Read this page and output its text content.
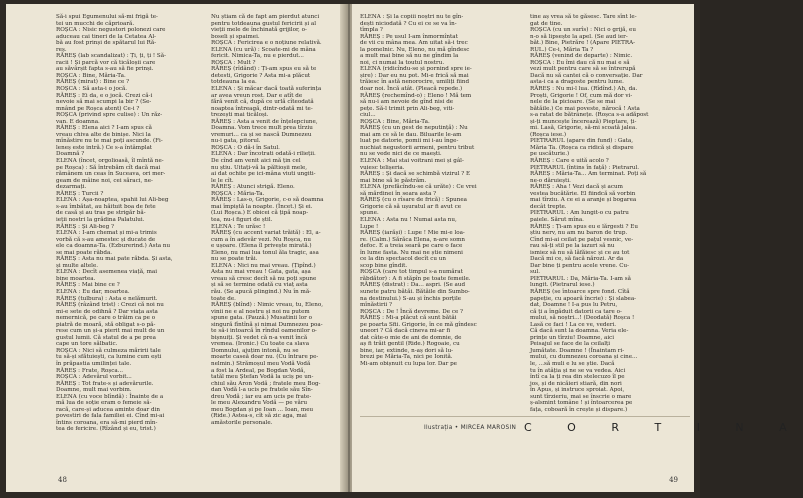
Să-i spui Egumenului să-mi frigă te-

tei un mucchi de căprioară.

ROȘCA : Nisic negustori polonezi care

aduceau cai tineri de la Cetatea Al-

bă au fost prinși de spătarul lui Ră-

reș.

RĂREȘ (lab scandalizat) : Ți, ți, ți ! Să-

racii ! Și parcă vor că ticăloșii care

au săvârșit fapta s-au să fie prinși.

ROȘCA : Bine, Măria-Ta.

RĂREȘ (mirat) : Bine ce ?

ROȘCA : Să asta-i o jocă.

RĂREȘ : Ei da, e o jocă. Crezi că-i

nevoie să mai scumpi la bir ? (Se-

mnând pe Roșca atent) Ce-i ?

ROȘCA (privind spre culise) : Un răz-

van. E doamna.

RĂREȘ : Elena aici ? I-am spus că

vreau chiva alte de binișe. Nici la

mînăstire nu te mai poți ascunde. (Fi-

leneș este intră.) Ce s-a întâmplat

Doamnă ?

ELENA (încet, orgolioasă, îl mîntă ne-

pe Roșca) : Să întrebăm cît dacă mai

rămânem un ceas în Suceava, ori mer-

geam de mâine noi, cei săraci, ne-

dezarmați.

RĂREȘ : Turcii ?

ELENA : Așa-noaptea, spahii lui Ali-beg

s-au îmbătat, au hăituit boa de fete

de casă și au tras pe strigăr bă-

ieții nostri la grădina Palatului.

RĂREȘ : Și Ali-beg ?

ELENA : I-am chemat și mi-a trimis

vorbă că s-au amestec și ducate de

ele ca doamna-Ta. (Ezburerind.) Asta nu

se mai poate răbda.

RĂREȘ : Asta nu mai pate răbda. Și asta,

și multe altele.

ELENA : Decît asemenea viață, mai

bine moartea.

RĂREȘ : Mai bine ce ?

ELENA : Eu dar, moartea.

RĂREȘ (tulbura) : Asta e nelămurit.

RĂREȘ (râzând trist) : Crezi că noi nu

mi-e sete de odihnă ? Dar viața asta

nemernică, pe care o trăim ca pe o

piatră de moară, stă obligat s-o pă-

rese cum un și-a pierit mai mult de un

gustul lumii. Că statul de a pe prea

cape un tore sălbatic.

ROȘCA : Nici să culmeza măririi tale

tu să-și sfătuiești, ca lumine cum ești

în prăpastia umilinței tale.

RĂREȘ : Frate, Roșca...

ROȘCA : Adevărul vorbit...

RĂREȘ : Tot frate-s și adevărurile.

Doamne, mult mai vorbim.

ELENA (cu voce blîndă) : Înainte de a

mă lua de soție eram o femeie să-

racă, care-și aducea aminte doar din

povestiri de fala familiei ei. Cînd mi-ai

întins coroana, era să-mi pierd mîn-

tea de fericire. (Rîzând și eu, trist.)

Nu știam că de fapt am pierdut atunci

pentru totdeauna gustul fericirii și al

vieții mele de închinată grijilor, o-

boseli și spaimei.

ROȘCA : Fericirea e o noțiune relativă.

ELENA (cu ură) : Scoate-mi de mâna

fericit. Nimica-Ta, nu e pierdut...

ROȘCA : Mult ?

RĂREȘ (rîdând) : Ți-am spus eu să te

detesti, Grigorie ? Asta mi-a plăcut

totdeauna la ea.

ELENA : Și măcar dacă toată suferința

ar avea vreun rost. Dar e atît de

fără venit că, după ce urlă cîteodată

noaptea întreagă, dintr-odată mi te-

trezești mai ticăloși.

RĂREȘ : Asta a venit de înțelepciune,

Doamna. Vom trece mult prea tîrziu

vremuri... ca și se nască Dumnezeu

nu-i gata, pitorul.

ROȘCA : O dă-i în Satul.

ELENA : Dar încotrati odată-i rilieții.

De cînd am venit aici mă țin cel

nu știu. Uitați-vă la păltioșii mele,

ai dat ochite pe ici-mâna viuti ungiti-

le le cît.

RĂREȘ : Atunci strigă. Eleno.

ROȘCA : Măria-Ta.

RĂREȘ : Las-o, Grigorie, c-o să doamna

mai împiștă la noapte. (Încet.) Și ei.

(Lui Roșca.) E obicei că țipă noap-

tea, nu-i figuri de știl.

ELENA : Te urăsc !

RĂREȘ (cu accent variat trăită) : El, a-

cum a în adevăr vezi. Nu Roșca, nu

e ușoare. (Elena îl privește mirată.)

Eleno, nu mai lua tonul ăla tragic, asa

nu se poate trăi.

ELENA : Nici nu mai vreau. (Țipînd.)

Asta nu mai vreau ! Gata, gata, așa

vreau să cresc decît să nu poți spune

și să se termine odată cu viaț asta

rău. (Se apucă plingind.) Nu în mă-

toate de.

RĂREȘ (blînd) : Nimic vreau, tu, Eleno,

vinii ne e al nostru și noi nu putem

spune gata. (Pauză.) Musatinii lor o

singură fîntînă și nimai Dumnezeu poa-

te să-i intoarcă în rîndul oamenilor o-

bișnuiți. Și vedet că n-a venit încă

vremea. (Ironic.) Cu toate ca slava

Domnului, ajuțim intonă, nu se

moarte caseă doar nu. (Cu întrare pe-

nelmin.) Strămoșul meu Vodă Vodă

a fost la Ardeal, pe Bogdan Vodă,

tatăl meu Ștefan Vodă la uciș pe un-

chiul său Aron Vodă ; fratele meu Bog-

dan Vodă l-a ucis pe fratele său Sîn-

dreu Vodă ; iar eu am ucis pe frate-

le meu Alexandru Vodă — pe văru

meu Bogdan și pe Ioan ... Ioan, meu

(Ride.) Astea-s, cît să zic aga, mai

amăstorile personale.

48

ELENA : Și la copiii noștri nu te gîn-

dești niciodată ? Cu ei ce se va în-

tîmpla ?

RĂREȘ : Pe usul I-am înmormîntat

de vii cu mâna mea. Am uitat să-i trec

la pomelnic. Nu, Eleno, nu mă gîndesc

a mult mai bine să nu ne gîndim la

noi, ci numai la toutul nostru.

ELENA (ridicîndu-se și pornind spre ie-

șire) : Dar eu nu pot. Mi-e frică să mai

trăiesc în astă nenorocire, umiliți fiind

doar noi. Încă atât. (Pleacă repede.)

RĂREȘ (rechemînd-o) : Eleno ! Mă tem

să nu-i am nevoie de gînd nisi de

pețe. Să-l trimit prin Ali-beg, viti-

ciul...

ROȘCA : Bine, Măria-Ta.

RĂREȘ (cu un gest de neputință) : Nu

mai am ce să le dau. Biluarile le-am

luat pe datorie, pomii mi i-au înge-

nuchiat negustorii armeni, pentru tribut

nu se vede nici de ce maești.

ELENA : Mai stai voitrani mei și gâl-

vuiesc telișeria.

RĂREȘ : Și dacă se schimbă vizirul ? E

mai bine să le păstrăm.

ELENA (prefăcîndu-se că urăte) : Ce vrei

să mărdinei în seara asta ?

RĂREȘ (cu o rîsare de frică) : Spunea

Grigorie că să ușuratul ar fi avut ce

spune.

ELENA : Asta nu ! Numai asta nu,

Lupe !

RĂREȘ (iarăși) : Lupe ! Mie mi-e loa-

re. (Calm.) Sărăca Elena, n-are somn

defoc. E a treia seară pe care o face

în lume fasta. Nu mai ne știe nimeni

ce la din spectacol decît cu un

scop bine gîndit.

ROȘCA (care tot timpul s-a numărat

răbdător) : A fi stăpîn pe toate femeile.

RĂREȘ (distrat) : Da... aspri. (Se aud

sunete patru bătăi. Bătăile din Sumbo-

na destinului.) S-au și închis porțile

mînăstirii ?

ROȘCA : De ! Încă devreme. De ce ?

RĂREȘ : Mi-a plăcut că sunt bătăi

pe poarta Sfii. Grigorie, în ce mă gîndesc

uneori ? Că dacă cineva mi-ar fi

dat câte-o mie de ani de domnie, de

aș fi trăit gentil (Ride.) Rogoaie, cu

bine, iar, extinde, n-aș dori să lu-

brezi pe Măria-Ta, nici pe Ionită.

Mi-am obișnuit cu lupa lor. Dar pe

tine aș vrea să te găsesc. Tare sînt le-

gat de tine.

ROȘCA (cu un surîs) : Nici o grijă, eu

n-o să lipsește la apel. (Se aud ier-

băt.) Bine, Pietrăre ! (Apare PIETRA-

RUL.) Ce-i, Măria Ta ?

RĂREȘ (venind de departe) : Nimic.

ROȘCA : Eu îmi dau că nu mai e să

vezi mult pentru care să se întrerupă

Dacă nu să cantei că o conversație. Dar

asta-i ca a dragoste pentru lume.

RĂREȘ : Nu mi-l lua. (Rîdînd.) Ah, da.

Proști, Grigorie ! Of, cum mă dor vi-

nele de la picioare. (Se se mai

bătăile.) Ce mai poveste, nărocă ! Asta

s-a ratat de bătrânețe. (Roșca s-a adăpost

și-ți muncește încerează) Pieptare, ți-

mi. Lasă, Grigorie, să-mi scoată jalea.

(Roșca iese.)

PIETRARUL (apare din fund) : Gata,

Măria Ta. (Roșca ca ridică și dispare

pe uscăturie.)

RĂREȘ : Care e uită acolo ?

PIETRARUL (întins în față) : Pietrarul.

RĂREȘ : Măria-Ta... Am terminat. Poți să

ne-o dăruiești.

RĂREȘ : Aha ! Vezi dacă și acum

vestea bucătărie. El fiindcă să vorbin

mai tîrziu. A ce ei a aranje și bogarea

decât trepte.

PIETRARUL : Am lungit-o cu patru

paiele. Sărut mîna.

RĂREȘ : Ți-am spus eu e lărgesti ? Eu

știu nerv, nu am nu baron de trup.

Cînd mi-ai ceilat pe pațul vesnic, ve-

rau să-ți stil pe la iazuri să nu

ismiez să nu să lăfăiesc și ce au tot

Dacă mi ce, să facă nărozi. Ar da

Dar bine ți pentru acele vrene. Cu-

sul.

PIETRARUL : Da, Măria-Ta. I-am să

lungit. (Pietrarul iese.)

RĂREȘ (se întoarce spre fond. Cîtă

papeție, cu apoară încrie) : Și slabea-

dat, Doamne ! I-a pus lu Petru,

că ți a îngăduit datorii ca tare o-

mului, să noștri...! (Deodată) Roșca !

Lasă ce faci ! La ce ve, vederi.

Că dacă sunt la doamna. Veria ele-

prințe un tîrziu! Doamne, aici

Peisajul se face de la ceilalți

Jumătate. Doamne ! (Înaintam ri-

mului, cu dumnezeu coroana și cine...

le, ...să muli e lu se știe. Dacă

tu în atâția și ne se va vedea. Aici

întî ca la ți rea din stelecuzo îl pe

jos, și de nicăieri stiară, din nori

în Apus, și instruce sproiat. Apoi,

sunt tîrzieriu, mai se înscrie o mare

ș-alsmint tomâne ! și întoarcerea pe

fața, coboară în crește și dispare.)

Ilustrația • MIRCEA MAROSIN C O R T I N A
49
